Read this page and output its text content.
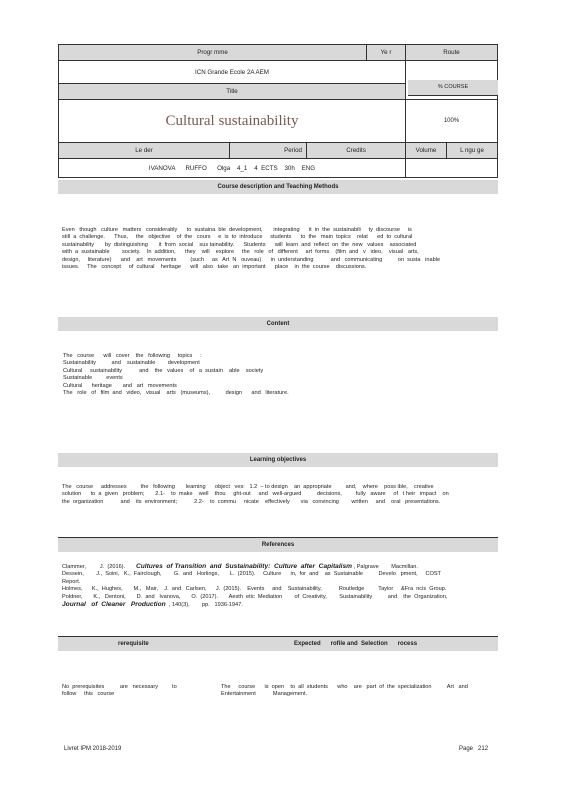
Progr mme			Ye r	Route	
ICN Grande Ecole 2A AEM					
Title					
Cultural sustainability				100%	
Le der	Period	Credits		Volume	L ngu ge
IVANOVA      RUFFO      Olga    4_1    4  ECTS    30h    ENG					
% COURSE
Course description and Teaching Methods
Even   though   culture   matters   considerably      to  sustaina  ble  development,       integrating      it  in  the  sustainabili     ty  discourse     is
still  a  challenge.      Thus,     the   objective    of  the   cours     e  is  to  introduce     students      to  the   main  topics    relat      ed  to  cultural
sustainability       by  distinguishing       it  from  social    sus tainability.      Students      will  learn  and  reflect  on  the  new   values    associated
with  a  sustainable        society.    In  addition,      they    will    explore     the   role   of   different     art  forms    (film  and   v   ideo,    visual   arts,
design,     literature)      and    art   movements         (such     as   Art  N   ouveau)      in  understanding           and   communicating          on  susta   inable
issues.     The   concept     of  cultural    heritage      will   also   take   an  important      place    in  the  course    discussions.
Content
The   course      will   cover    the   following     topics     :
Sustainability          and    sustainable        development
Cultural     sustainability           and    the   values    of   a  sustain    able    society
Sustainable         events
Cultural      heritage       and   art   movements
The   role   of   film  and   video,   visual    arts   (museums),          design      and   literature.
Learning objectives
The   course     addresses         the   following       learning      object   ves:   1.2  – to design    an  appropriate         and,    where    poss ible,    creative
solution      to  a  given   problem;       2.1-    to  make    well    thou     ght-out     and   well-argued          decisions,         fully   aware     of   t heir   impact    on
the  organization           and    its  environment;           2.2-    to  commu     nicate    effectively       via   convincing        written     and    oral   presentations.
References
Clammer,         J.  (2016).       Cultures  of Transition  and  Sustainability:  Culture  after  Capitalism , Palgrave        Macmillan.
Dessein,        J.,  Soini,   K.,  Fairclough,        G.  and   Horlings,       L.  (2015).     Culture      in,  for  and    as  Sustainable          Develo   pment,     COST
Report.
Holmes,      K.,  Hughes,       M.,   Mair,    J.  and   Carlsen,      J.  (2015).    Events     and    Sustainability,           Routledge         Taylor     &Fra  ncis  Group.
Poldner,       K.,   Dentoni,       D.  and   Ivanova,       O.  (2017).       Aesth  etic  Mediation        of  Creativity,        Sustainability          and    the  Organization,
Journal   of  Cleaner   Production  , 140(3),        pp.   1936-1947.
rerequisite	Expected      rofile and  Selection      rocess
No  prerequisites          are   necessary         to
follow     this   course
The     course      is  open    to  all  students      who    are   part  of  the  specialization          Art   and
Entertainment           Management.
Livret IPM 2018-2019	Page 212
